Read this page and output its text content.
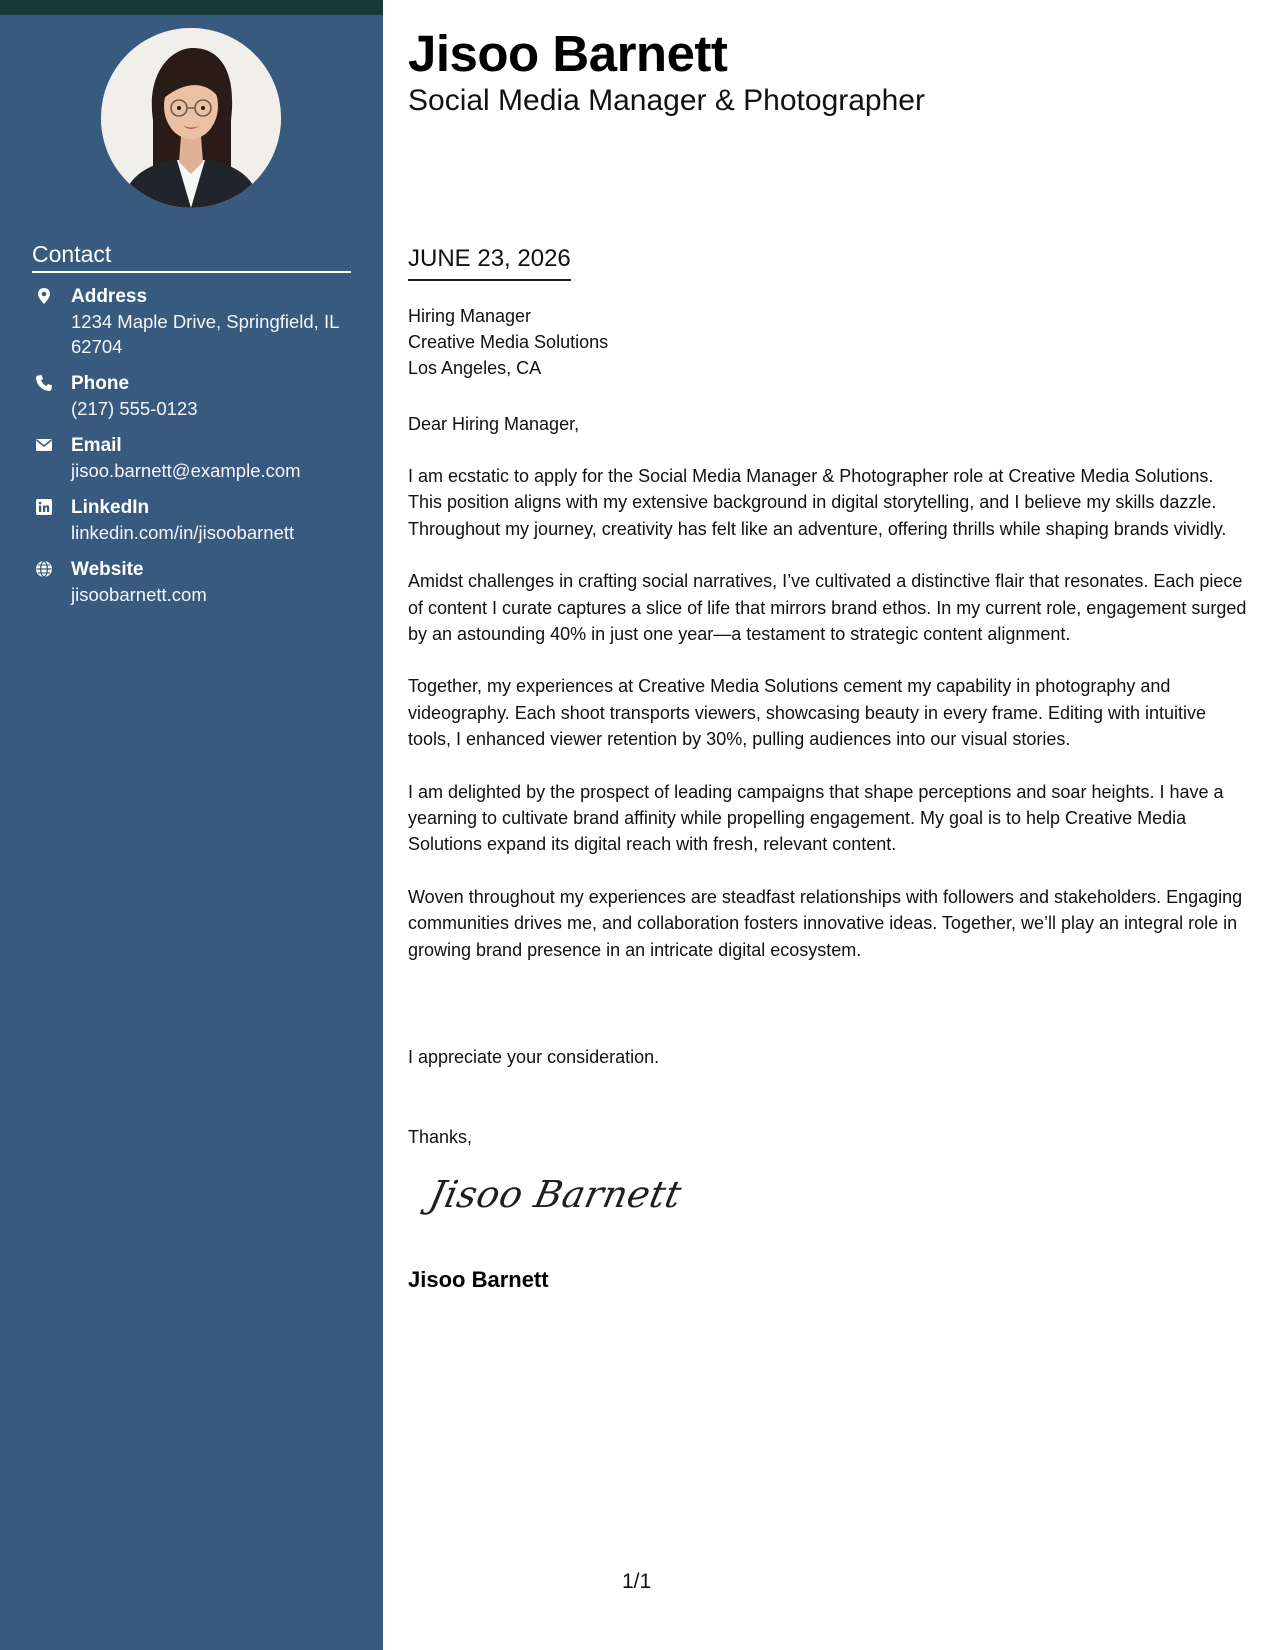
Contact
Address
1234 Maple Drive, Springfield, IL 62704
Phone
(217) 555-0123
Email
jisoo.barnett@example.com
LinkedIn
linkedin.com/in/jisoobarnett
Website
jisoobarnett.com
Jisoo Barnett
Social Media Manager & Photographer
JUNE 23, 2026
Hiring Manager
Creative Media Solutions
Los Angeles, CA
Dear Hiring Manager,

I am ecstatic to apply for the Social Media Manager & Photographer role at Creative Media Solutions. This position aligns with my extensive background in digital storytelling, and I believe my skills dazzle. Throughout my journey, creativity has felt like an adventure, offering thrills while shaping brands vividly.

Amidst challenges in crafting social narratives, I’ve cultivated a distinctive flair that resonates. Each piece of content I curate captures a slice of life that mirrors brand ethos. In my current role, engagement surged by an astounding 40% in just one year—a testament to strategic content alignment.

Together, my experiences at Creative Media Solutions cement my capability in photography and videography. Each shoot transports viewers, showcasing beauty in every frame. Editing with intuitive tools, I enhanced viewer retention by 30%, pulling audiences into our visual stories.

I am delighted by the prospect of leading campaigns that shape perceptions and soar heights. I have a yearning to cultivate brand affinity while propelling engagement. My goal is to help Creative Media Solutions expand its digital reach with fresh, relevant content.

Woven throughout my experiences are steadfast relationships with followers and stakeholders. Engaging communities drives me, and collaboration fosters innovative ideas. Together, we’ll play an integral role in growing brand presence in an intricate digital ecosystem.

I appreciate your consideration.
Thanks,
Jisoo Barnett
Jisoo Barnett
1/1
